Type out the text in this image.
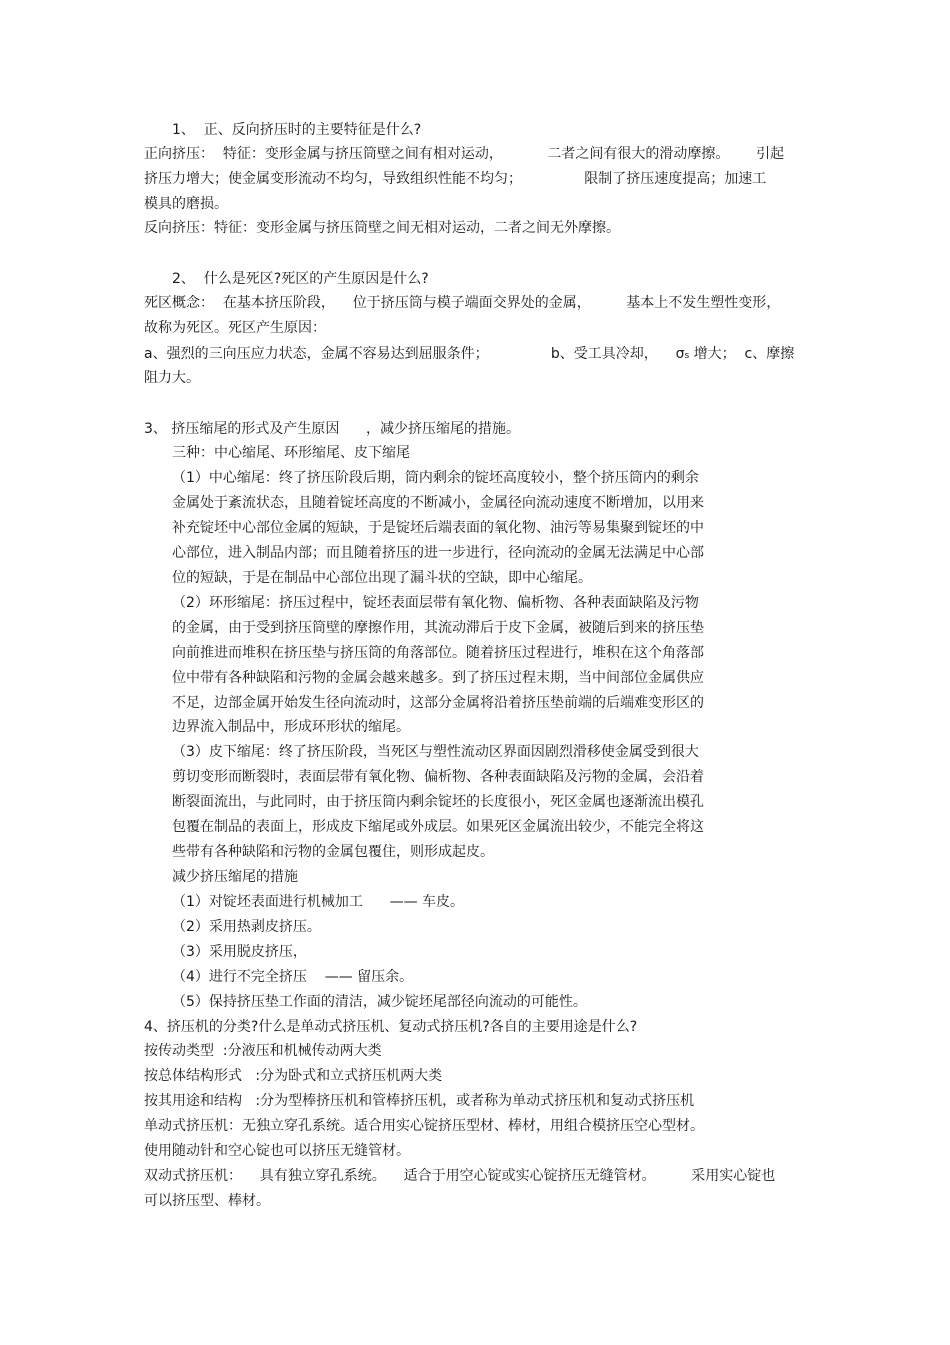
1、  正、反向挤压时的主要特征是什么?
正向挤压：  特征：变形金属与挤压筒壁之间有相对运动，          二者之间有很大的滑动摩擦。      引起
挤压力增大；使金属变形流动不均匀，导致组织性能不均匀；              限制了挤压速度提高；加速工
模具的磨损。
反向挤压：特征：变形金属与挤压筒壁之间无相对运动，二者之间无外摩擦。
2、  什么是死区?死区的产生原因是什么?
死区概念：  在基本挤压阶段，    位于挤压筒与模子端面交界处的金属，        基本上不发生塑性变形，
故称为死区。死区产生原因：
a、强烈的三向压应力状态，金属不容易达到屈服条件；              b、受工具冷却，    σs 增大；  c、摩擦
阻力大。
3、 挤压缩尾的形式及产生原因      ，减少挤压缩尾的措施。
三种：中心缩尾、环形缩尾、皮下缩尾
（1）中心缩尾：终了挤压阶段后期，筒内剩余的锭坯高度较小，整个挤压筒内的剩余
金属处于紊流状态，且随着锭坯高度的不断减小，金属径向流动速度不断增加，以用来
补充锭坯中心部位金属的短缺，于是锭坯后端表面的氧化物、油污等易集聚到锭坯的中
心部位，进入制品内部；而且随着挤压的进一步进行，径向流动的金属无法满足中心部
位的短缺，于是在制品中心部位出现了漏斗状的空缺，即中心缩尾。
（2）环形缩尾：挤压过程中，锭坯表面层带有氧化物、偏析物、各种表面缺陷及污物
的金属，由于受到挤压筒壁的摩擦作用，其流动滞后于皮下金属，被随后到来的挤压垫
向前推进而堆积在挤压垫与挤压筒的角落部位。随着挤压过程进行，堆积在这个角落部
位中带有各种缺陷和污物的金属会越来越多。到了挤压过程末期，当中间部位金属供应
不足，边部金属开始发生径向流动时，这部分金属将沿着挤压垫前端的后端难变形区的
边界流入制品中，形成环形状的缩尾。
（3）皮下缩尾：终了挤压阶段，当死区与塑性流动区界面因剧烈滑移使金属受到很大
剪切变形而断裂时，表面层带有氧化物、偏析物、各种表面缺陷及污物的金属，会沿着
断裂面流出，与此同时，由于挤压筒内剩余锭坯的长度很小，死区金属也逐渐流出模孔
包覆在制品的表面上，形成皮下缩尾或外成层。如果死区金属流出较少，不能完全将这
些带有各种缺陷和污物的金属包覆住，则形成起皮。
减少挤压缩尾的措施
（1）对锭坯表面进行机械加工      —— 车皮。
（2）采用热剥皮挤压。
（3）采用脱皮挤压，
（4）进行不完全挤压    —— 留压余。
（5）保持挤压垫工作面的清洁，减少锭坯尾部径向流动的可能性。
4、挤压机的分类?什么是单动式挤压机、复动式挤压机?各自的主要用途是什么?
按传动类型  :分液压和机械传动两大类
按总体结构形式   :分为卧式和立式挤压机两大类
按其用途和结构   :分为型棒挤压机和管棒挤压机，或者称为单动式挤压机和复动式挤压机
单动式挤压机：无独立穿孔系统。适合用实心锭挤压型材、棒材，用组合模挤压空心型材。
使用随动针和空心锭也可以挤压无缝管材。
双动式挤压机：    具有独立穿孔系统。    适合于用空心锭或实心锭挤压无缝管材。        采用实心锭也
可以挤压型、棒材。
